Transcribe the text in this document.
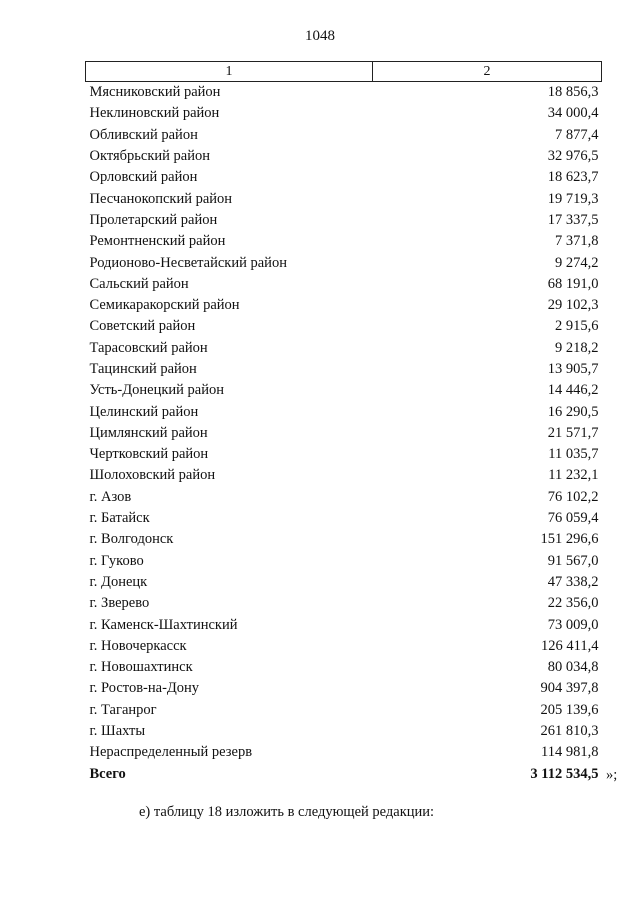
1048
1	2
Мясниковский район	18 856,3
Неклиновский район	34 000,4
Обливский район	7 877,4
Октябрьский район	32 976,5
Орловский район	18 623,7
Песчанокопский район	19 719,3
Пролетарский район	17 337,5
Ремонтненский район	7 371,8
Родионово-Несветайский район	9 274,2
Сальский район	68 191,0
Семикаракорский район	29 102,3
Советский район	2 915,6
Тарасовский район	9 218,2
Тацинский район	13 905,7
Усть-Донецкий район	14 446,2
Целинский район	16 290,5
Цимлянский район	21 571,7
Чертковский район	11 035,7
Шолоховский район	11 232,1
г. Азов	76 102,2
г. Батайск	76 059,4
г. Волгодонск	151 296,6
г. Гуково	91 567,0
г. Донецк	47 338,2
г. Зверево	22 356,0
г. Каменск-Шахтинский	73 009,0
г. Новочеркасск	126 411,4
г. Новошахтинск	80 034,8
г. Ростов-на-Дону	904 397,8
г. Таганрог	205 139,6
г. Шахты	261 810,3
Нераспределенный резерв	114 981,8
Всего	3 112 534,5 »;
е) таблицу 18 изложить в следующей редакции:
